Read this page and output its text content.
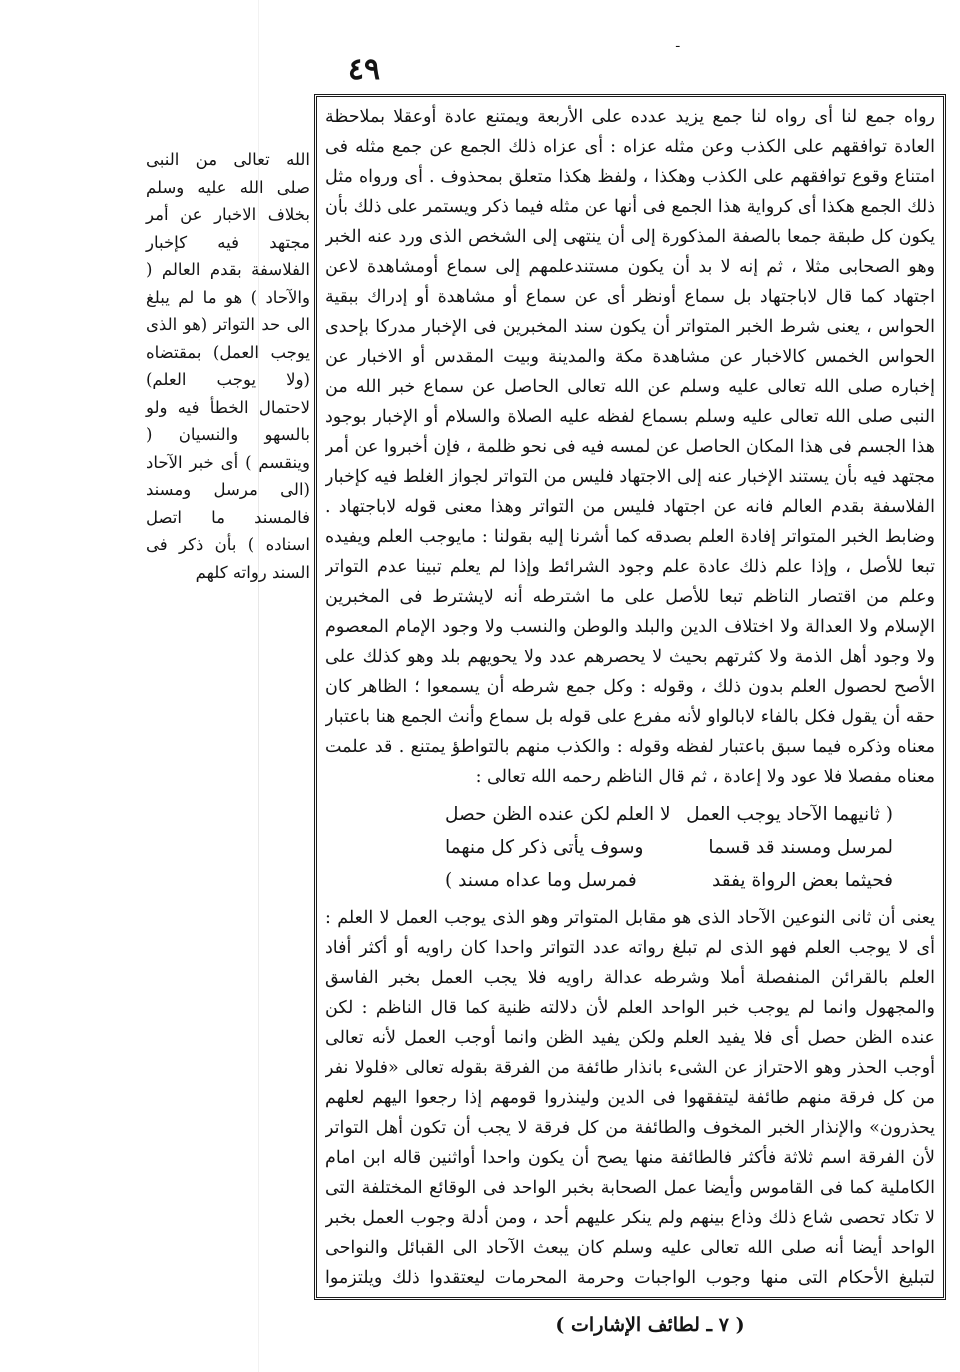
ـ
٤٩

رواه جمع لنا أى رواه لنا جمع يزيد عدده على الأربعة ويمتنع عادة أوعقلا بملاحظة العادة توافقهم على الكذب وعن مثله عزاه : أى عزاه ذلك الجمع عن جمع مثله فى امتناع وقوع توافقهم على الكذب وهكذا ، ولفظ هكذا متعلق بمحذوف . أى ورواه مثل ذلك الجمع هكذا أى كرواية هذا الجمع فى أنها عن مثله فيما ذكر ويستمر على ذلك بأن يكون كل طبقة جمعا بالصفة المذكورة إلى أن ينتهى إلى الشخص الذى ورد عنه الخبر وهو الصحابى مثلا ، ثم إنه لا بد أن يكون مستندعلمهم إلى سماع أومشاهدة لاعن اجتهاد كما قال لاباجتهاد بل سماع أونظر أى عن سماع أو مشاهدة أو إدراك ببقية الحواس ، يعنى شرط الخبر المتواتر أن يكون سند المخبرين فى الإخبار مدركا بإحدى الحواس الخمس كالاخبار عن مشاهدة مكة والمدينة وبيت المقدس أو الاخبار عن إخباره صلى الله تعالى عليه وسلم عن الله تعالى الحاصل عن سماع خبر الله من النبى صلى الله تعالى عليه وسلم بسماع لفظه عليه الصلاة والسلام أو الإخبار بوجود هذا الجسم فى هذا المكان الحاصل عن لمسه فيه فى نحو ظلمة ، فإن أخبروا عن أمر مجتهد فيه بأن يستند الإخبار عنه إلى الاجتهاد فليس من التواتر لجواز الغلط فيه كإخبار الفلاسفة بقدم العالم فانه عن اجتهاد فليس من التواتر وهذا معنى قوله لاباجتهاد . وضابط الخبر المتواتر إفادة العلم بصدقه كما أشرنا إليه بقولنا : مايوجب العلم ويفيده تبعا للأصل ، وإذا علم ذلك عادة علم وجود الشرائط وإذا لم يعلم تبينا عدم التواتر وعلم من اقتصار الناظم تبعا للأصل على ما اشترطه أنه لايشترط فى المخبرين الإسلام ولا العدالة ولا اختلاف الدين والبلد والوطن والنسب ولا وجود الإمام المعصوم ولا وجود أهل الذمة ولا كثرتهم بحيث لا يحصرهم عدد ولا يحويهم بلد وهو كذلك على الأصح لحصول العلم بدون ذلك ، وقوله : وكل جمع شرطه أن يسمعوا ؛ الظاهر كان حقه أن يقول فكل بالفاء لابالواو لأنه مفرع على قوله بل سماع وأنث الجمع هنا باعتبار معناه وذكره فيما سبق باعتبار لفظه وقوله : والكذب منهم بالتواطؤ يمتنع . قد علمت معناه مفصلا فلا عود ولا إعادة ، ثم قال الناظم رحمه الله تعالى :

( ثانيهما الآحاد يوجب العمل
لا العلم لكن عنده الظن حصل
لمرسل ومسند قد قسما
وسوف يأتى ذكر كل منهما
فحيثما بعض الرواة يفقد
فمرسل وما عداه مسند )

يعنى أن ثانى النوعين الآحاد الذى هو مقابل المتواتر وهو الذى يوجب العمل لا العلم : أى لا يوجب العلم فهو الذى لم تبلغ رواته عدد التواتر واحدا كان راويه أو أكثر أفاد العلم بالقرائن المنفصلة أملا وشرطه عدالة راويه فلا يجب العمل بخبر الفاسق والمجهول وانما لم يوجب خبر الواحد العلم لأن دلالته ظنية كما قال الناظم : لكن عنده الظن حصل أى فلا يفيد العلم ولكن يفيد الظن وانما أوجب العمل لأنه تعالى أوجب الحذر وهو الاحتراز عن الشىء بانذار طائفة من الفرقة بقوله تعالى «فلولا نفر من كل فرقة منهم طائفة ليتفقهوا فى الدين ولينذروا قومهم إذا رجعوا اليهم لعلهم يحذرون» والإنذار الخبر المخوف والطائفة من كل فرقة لا يجب أن تكون أهل التواتر لأن الفرقة اسم ثلاثة فأكثر فالطائفة منها يصح أن يكون واحدا أواثنين قاله ابن امام الكاملية كما فى القاموس وأيضا عمل الصحابة بخبر الواحد فى الوقائع المختلفة التى لا تكاد تحصى شاع ذلك وذاع بينهم ولم ينكر عليهم أحد ، ومن أدلة وجوب العمل بخبر الواحد أيضا أنه صلى الله تعالى عليه وسلم كان يبعث الآحاد الى القبائل والنواحى لتبليغ الأحكام التى منها وجوب الواجبات وحرمة المحرمات ليعتقدوا ذلك ويلتزموا

الله تعالى من النبى صلى الله عليه وسلم بخلاف الاخبار عن أمر مجتهد فيه كإخبار الفلاسفة بقدم العالم ( والآحاد ) هو ما لم يبلغ الى حد التواتر (هو الذى يوجب العمل) بمقتضاه (ولا يوجب العلم) لاحتمال الخطأ فيه ولو بالسهو والنسيان ( وينقسم ) أى خبر الآحاد (الى مرسل ومسند فالمسند ما اتصل اسناده ) بأن ذكر فى السند رواته كلهم

( ٧ ـ لطائف الإشارات )
